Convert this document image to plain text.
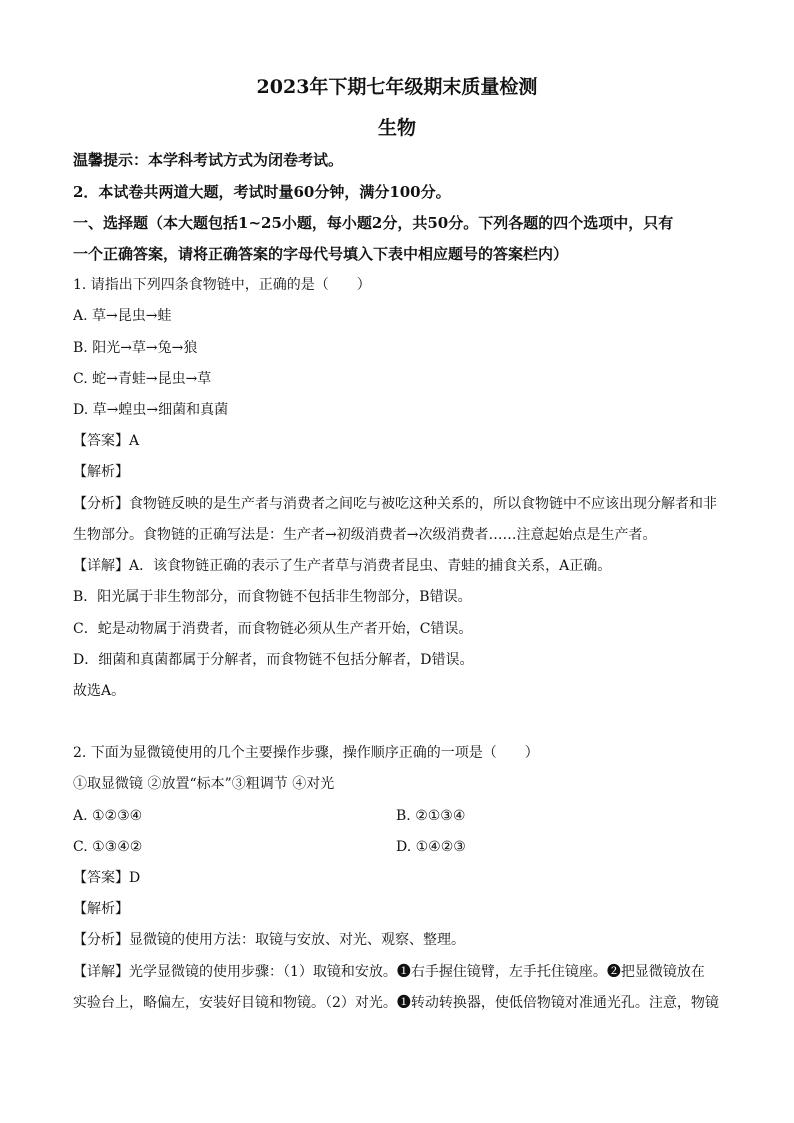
2023年下期七年级期末质量检测
生物
温馨提示：本学科考试方式为闭卷考试。
2．本试卷共两道大题，考试时量60分钟，满分100分。
一、选择题（本大题包括1~25小题，每小题2分，共50分。下列各题的四个选项中，只有
一个正确答案，请将正确答案的字母代号填入下表中相应题号的答案栏内）
1. 请指出下列四条食物链中，正确的是（　　）
A. 草→昆虫→蛙
B. 阳光→草→兔→狼
C. 蛇→青蛙→昆虫→草
D. 草→蝗虫→细菌和真菌
【答案】A
【解析】
【分析】食物链反映的是生产者与消费者之间吃与被吃这种关系的，所以食物链中不应该出现分解者和非
生物部分。食物链的正确写法是：生产者→初级消费者→次级消费者……注意起始点是生产者。
【详解】A．该食物链正确的表示了生产者草与消费者昆虫、青蛙的捕食关系，A正确。
B．阳光属于非生物部分，而食物链不包括非生物部分，B错误。
C．蛇是动物属于消费者，而食物链必须从生产者开始，C错误。
D．细菌和真菌都属于分解者，而食物链不包括分解者，D错误。
故选A。
2. 下面为显微镜使用的几个主要操作步骤，操作顺序正确的一项是（　　）
①取显微镜 ②放置“标本”③粗调节 ④对光
A. ①②③④	B. ②①③④
C. ①③④②	D. ①④②③
【答案】D
【解析】
【分析】显微镜的使用方法：取镜与安放、对光、观察、整理。
【详解】光学显微镜的使用步骤：（1）取镜和安放。❶右手握住镜臂，左手托住镜座。❷把显微镜放在
实验台上，略偏左，安装好目镜和物镜。（2）对光。❶转动转换器，使低倍物镜对准通光孔。注意，物镜
